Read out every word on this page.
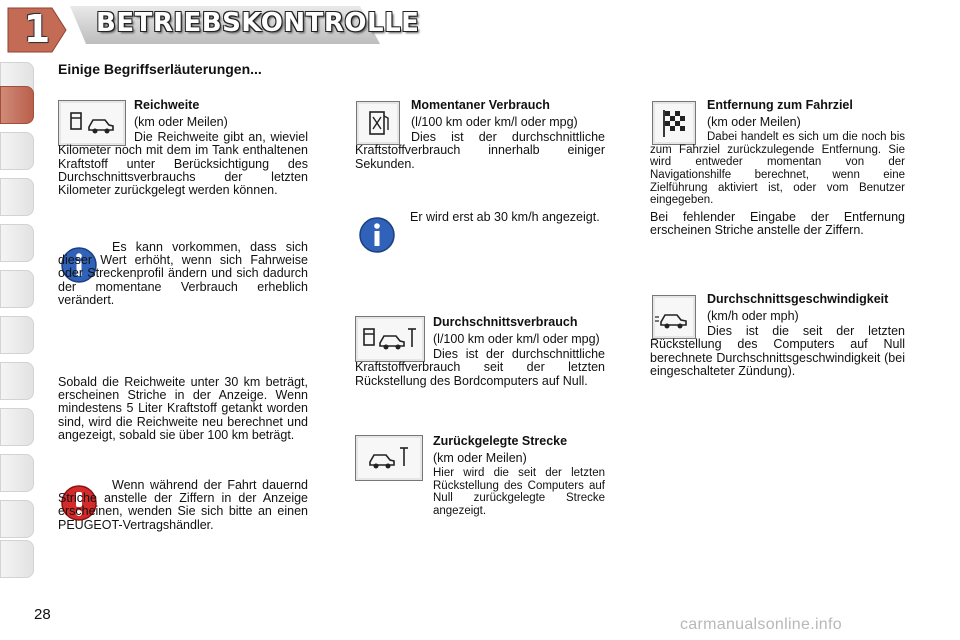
1	BETRIEBSKONTROLLE
Einige Begriffserläuterungen...
Reichweite

(km oder Meilen)

Die Reichweite gibt an, wieviel Kilometer noch mit dem im Tank enthaltenen Kraftstoff unter Berücksichtigung des Durchschnittsverbrauchs der letzten Kilometer zurückgelegt werden können.

Es kann vorkommen, dass sich dieser Wert erhöht, wenn sich Fahrweise oder Streckenprofil ändern und sich dadurch der momentane Verbrauch erheblich verändert.
Sobald die Reichweite unter 30 km beträgt, erscheinen Striche in der Anzeige. Wenn mindestens 5 Liter Kraftstoff getankt worden sind, wird die Reichweite neu berechnet und angezeigt, sobald sie über 100 km beträgt.
Wenn während der Fahrt dauernd Striche anstelle der Ziffern in der Anzeige erscheinen, wenden Sie sich bitte an einen PEUGEOT-Vertragshändler.
Momentaner Verbrauch

(l/100 km oder km/l oder mpg)

Dies ist der durchschnittliche Kraftstoffverbrauch innerhalb einiger Sekunden.

Er wird erst ab 30 km/h angezeigt.
Durchschnittsverbrauch

(l/100 km oder km/l oder mpg)

Dies ist der durchschnittliche Kraftstoffverbrauch seit der letzten Rückstellung des Bordcomputers auf Null.

Zurückgelegte Strecke

(km oder Meilen)

Hier wird die seit der letzten Rückstellung des Computers auf Null zurückgelegte Strecke angezeigt.

Entfernung zum Fahrziel

(km oder Meilen)

Dabei handelt es sich um die noch bis zum Fahrziel zurückzulegende Entfernung. Sie wird entweder momentan von der Navigationshilfe berechnet, wenn eine Zielführung aktiviert ist, oder vom Benutzer eingegeben.

Bei fehlender Eingabe der Entfernung erscheinen Striche anstelle der Ziffern.

Durchschnittsgeschwindigkeit

(km/h oder mph)

Dies ist die seit der letzten Rückstellung des Computers auf Null berechnete Durchschnittsgeschwindigkeit (bei eingeschalteter Zündung).

28
carmanualsonline.info
